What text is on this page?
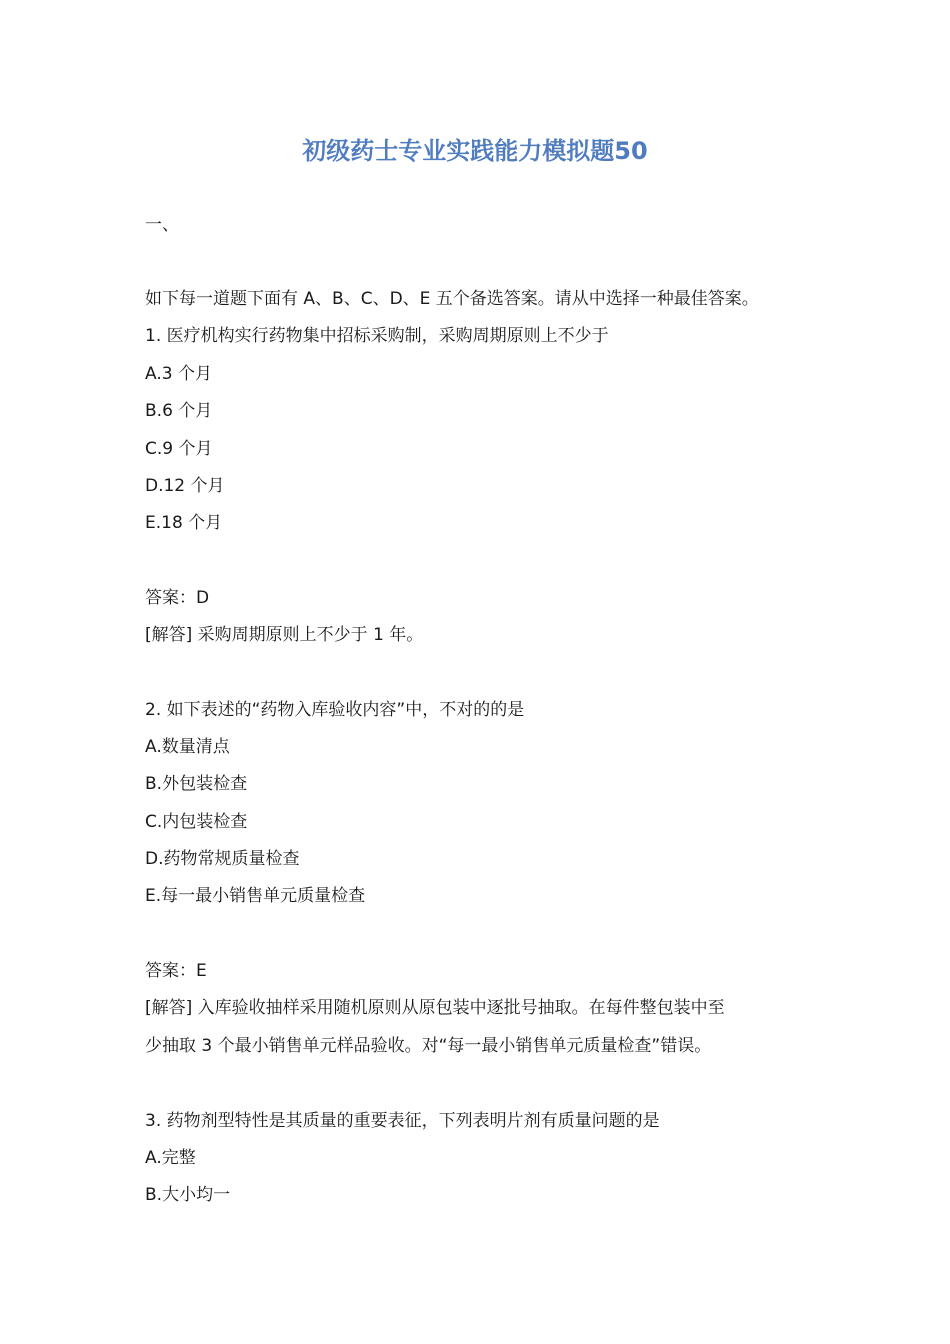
初级药士专业实践能力模拟题50

一、

如下每一道题下面有 A、B、C、D、E 五个备选答案。请从中选择一种最佳答案。

1. 医疗机构实行药物集中招标采购制，采购周期原则上不少于

A.3 个月

B.6 个月

C.9 个月

D.12 个月

E.18 个月

答案：D

[解答] 采购周期原则上不少于 1 年。

2. 如下表述的“药物入库验收内容”中，不对的的是

A.数量清点

B.外包装检查

C.内包装检查

D.药物常规质量检查

E.每一最小销售单元质量检查

答案：E

[解答] 入库验收抽样采用随机原则从原包装中逐批号抽取。在每件整包装中至

少抽取 3 个最小销售单元样品验收。对“每一最小销售单元质量检查”错误。

3. 药物剂型特性是其质量的重要表征，下列表明片剂有质量问题的是

A.完整

B.大小均一
